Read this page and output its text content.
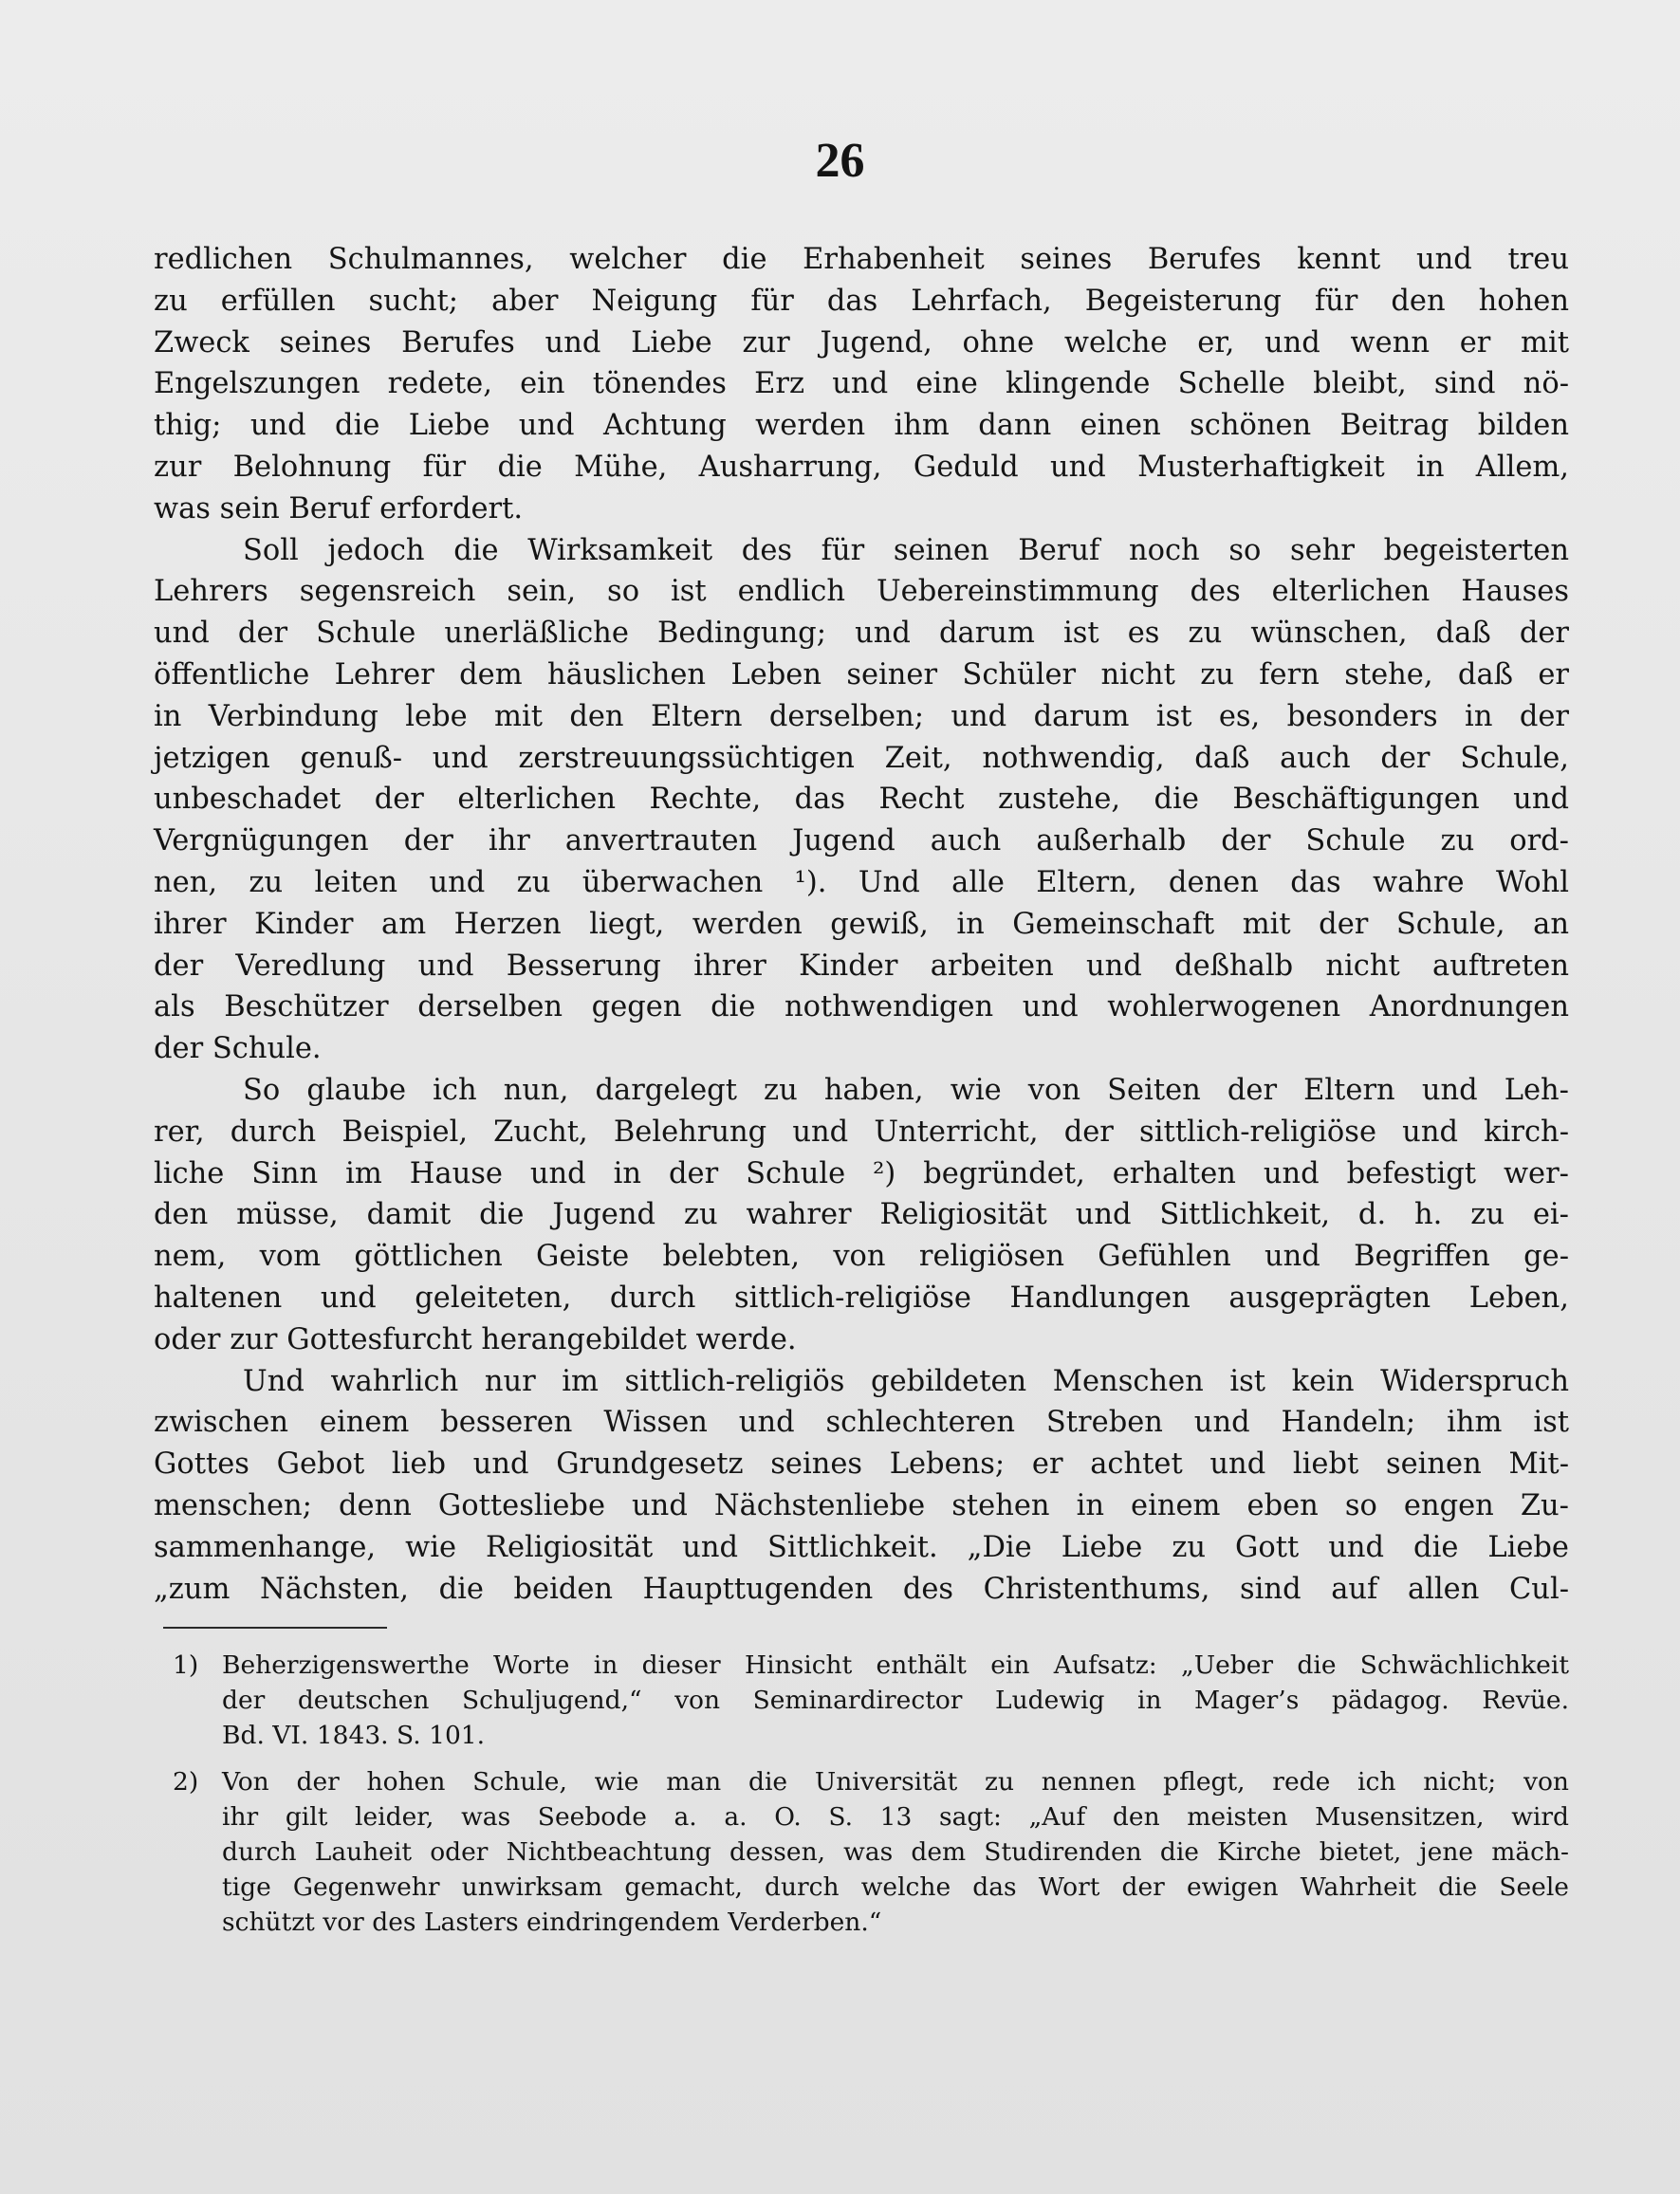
26
redlichen Schulmannes, welcher die Erhabenheit seines Berufes kennt und treu
zu erfüllen sucht; aber Neigung für das Lehrfach, Begeisterung für den hohen
Zweck seines Berufes und Liebe zur Jugend, ohne welche er, und wenn er mit
Engelszungen redete, ein tönendes Erz und eine klingende Schelle bleibt, sind nö-
thig; und die Liebe und Achtung werden ihm dann einen schönen Beitrag bilden
zur Belohnung für die Mühe, Ausharrung, Geduld und Musterhaftigkeit in Allem,
was sein Beruf erfordert.
Soll jedoch die Wirksamkeit des für seinen Beruf noch so sehr begeisterten
Lehrers segensreich sein, so ist endlich Uebereinstimmung des elterlichen Hauses
und der Schule unerläßliche Bedingung; und darum ist es zu wünschen, daß der
öffentliche Lehrer dem häuslichen Leben seiner Schüler nicht zu fern stehe, daß er
in Verbindung lebe mit den Eltern derselben; und darum ist es, besonders in der
jetzigen genuß- und zerstreuungssüchtigen Zeit, nothwendig, daß auch der Schule,
unbeschadet der elterlichen Rechte, das Recht zustehe, die Beschäftigungen und
Vergnügungen der ihr anvertrauten Jugend auch außerhalb der Schule zu ord-
nen, zu leiten und zu überwachen ¹). Und alle Eltern, denen das wahre Wohl
ihrer Kinder am Herzen liegt, werden gewiß, in Gemeinschaft mit der Schule, an
der Veredlung und Besserung ihrer Kinder arbeiten und deßhalb nicht auftreten
als Beschützer derselben gegen die nothwendigen und wohlerwogenen Anordnungen
der Schule.
So glaube ich nun, dargelegt zu haben, wie von Seiten der Eltern und Leh-
rer, durch Beispiel, Zucht, Belehrung und Unterricht, der sittlich-religiöse und kirch-
liche Sinn im Hause und in der Schule ²) begründet, erhalten und befestigt wer-
den müsse, damit die Jugend zu wahrer Religiosität und Sittlichkeit, d. h. zu ei-
nem, vom göttlichen Geiste belebten, von religiösen Gefühlen und Begriffen ge-
haltenen und geleiteten, durch sittlich-religiöse Handlungen ausgeprägten Leben,
oder zur Gottesfurcht herangebildet werde.
Und wahrlich nur im sittlich-religiös gebildeten Menschen ist kein Widerspruch
zwischen einem besseren Wissen und schlechteren Streben und Handeln; ihm ist
Gottes Gebot lieb und Grundgesetz seines Lebens; er achtet und liebt seinen Mit-
menschen; denn Gottesliebe und Nächstenliebe stehen in einem eben so engen Zu-
sammenhange, wie Religiosität und Sittlichkeit. „Die Liebe zu Gott und die Liebe
„zum Nächsten, die beiden Haupttugenden des Christenthums, sind auf allen Cul-
1) Beherzigenswerthe Worte in dieser Hinsicht enthält ein Aufsatz: „Ueber die Schwächlichkeit
der deutschen Schuljugend,“ von Seminardirector Ludewig in Mager’s pädagog. Revüe.
Bd. VI. 1843. S. 101.
2) Von der hohen Schule, wie man die Universität zu nennen pflegt, rede ich nicht; von
ihr gilt leider, was Seebode a. a. O. S. 13 sagt: „Auf den meisten Musensitzen, wird
durch Lauheit oder Nichtbeachtung dessen, was dem Studirenden die Kirche bietet, jene mäch-
tige Gegenwehr unwirksam gemacht, durch welche das Wort der ewigen Wahrheit die Seele
schützt vor des Lasters eindringendem Verderben.“
